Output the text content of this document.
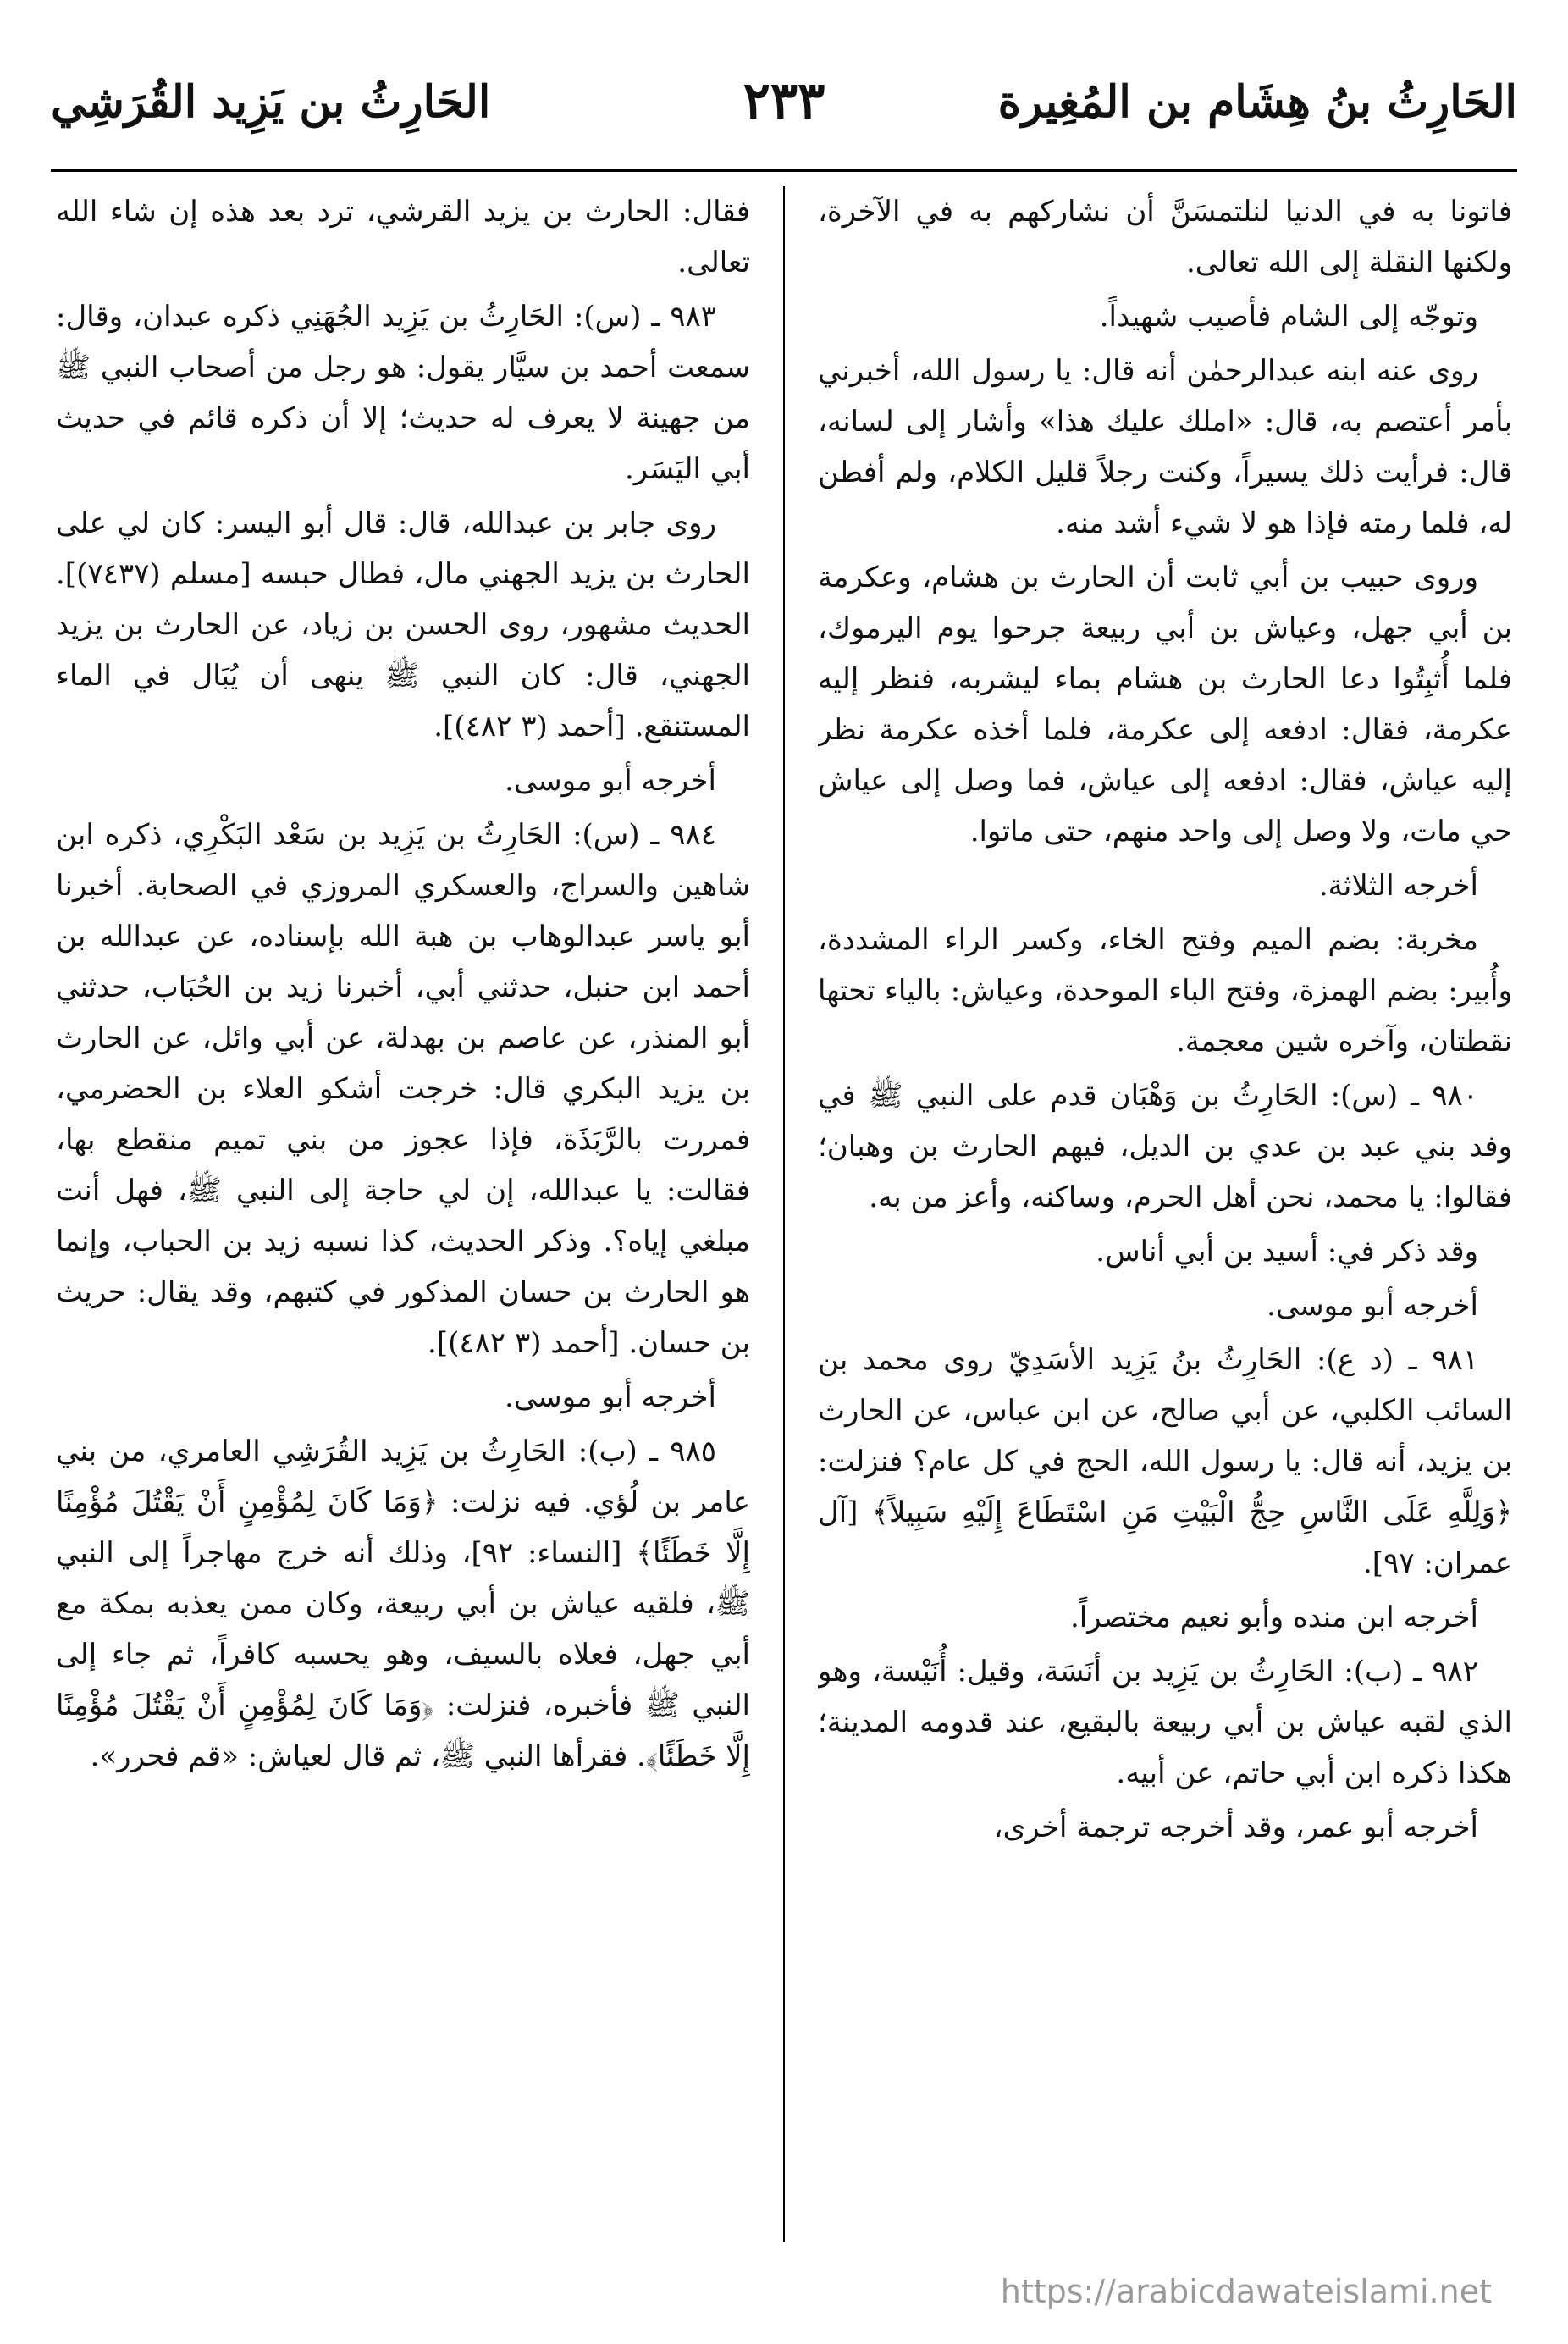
الحَارِثُ بنُ هِشَام بن المُغِيرة
٢٣٣
الحَارِثُ بن يَزِيد القُرَشِي

فاتونا به في الدنيا لنلتمسَنَّ أن نشاركهم به في الآخرة، ولكنها النقلة إلى الله تعالى.

وتوجّه إلى الشام فأصيب شهيداً.

روى عنه ابنه عبدالرحمٰن أنه قال: يا رسول الله، أخبرني بأمر أعتصم به، قال: «املك عليك هذا» وأشار إلى لسانه، قال: فرأيت ذلك يسيراً، وكنت رجلاً قليل الكلام، ولم أفطن له، فلما رمته فإذا هو لا شيء أشد منه.

وروى حبيب بن أبي ثابت أن الحارث بن هشام، وعكرمة بن أبي جهل، وعياش بن أبي ربيعة جرحوا يوم اليرموك، فلما أُثبِتُوا دعا الحارث بن هشام بماء ليشربه، فنظر إليه عكرمة، فقال: ادفعه إلى عكرمة، فلما أخذه عكرمة نظر إليه عياش، فقال: ادفعه إلى عياش، فما وصل إلى عياش حي مات، ولا وصل إلى واحد منهم، حتى ماتوا.

أخرجه الثلاثة.

مخربة: بضم الميم وفتح الخاء، وكسر الراء المشددة، وأُبير: بضم الهمزة، وفتح الباء الموحدة، وعياش: بالياء تحتها نقطتان، وآخره شين معجمة.

٩٨٠ ـ (س): الحَارِثُ بن وَهْبَان قدم على النبي ﷺ في وفد بني عبد بن عدي بن الديل، فيهم الحارث بن وهبان؛ فقالوا: يا محمد، نحن أهل الحرم، وساكنه، وأعز من به.

وقد ذكر في: أسيد بن أبي أناس.

أخرجه أبو موسى.

٩٨١ ـ (د ع): الحَارِثُ بنُ يَزِيد الأسَدِيّ روى محمد بن السائب الكلبي، عن أبي صالح، عن ابن عباس، عن الحارث بن يزيد، أنه قال: يا رسول الله، الحج في كل عام؟ فنزلت: ﴿وَلِلَّهِ عَلَى النَّاسِ حِجُّ الْبَيْتِ مَنِ اسْتَطَاعَ إِلَيْهِ سَبِيلاً﴾ [آل عمران: ٩٧].

أخرجه ابن منده وأبو نعيم مختصراً.

٩٨٢ ـ (ب): الحَارِثُ بن يَزِيد بن أنَسَة، وقيل: أُنَيْسة، وهو الذي لقبه عياش بن أبي ربيعة بالبقيع، عند قدومه المدينة؛ هكذا ذكره ابن أبي حاتم، عن أبيه.

أخرجه أبو عمر، وقد أخرجه ترجمة أخرى،

فقال: الحارث بن يزيد القرشي، ترد بعد هذه إن شاء الله تعالى.

٩٨٣ ـ (س): الحَارِثُ بن يَزِيد الجُهَنِي ذكره عبدان، وقال: سمعت أحمد بن سيَّار يقول: هو رجل من أصحاب النبي ﷺ من جهينة لا يعرف له حديث؛ إلا أن ذكره قائم في حديث أبي اليَسَر.

روى جابر بن عبدالله، قال: قال أبو اليسر: كان لي على الحارث بن يزيد الجهني مال، فطال حبسه [مسلم (٧٤٣٧)]. الحديث مشهور، روى الحسن بن زياد، عن الحارث بن يزيد الجهني، قال: كان النبي ﷺ ينهى أن يُبَال في الماء المستنقع. [أحمد (٣ ٤٨٢)].

أخرجه أبو موسى.

٩٨٤ ـ (س): الحَارِثُ بن يَزِيد بن سَعْد البَكْرِي، ذكره ابن شاهين والسراج، والعسكري المروزي في الصحابة. أخبرنا أبو ياسر عبدالوهاب بن هبة الله بإسناده، عن عبدالله بن أحمد ابن حنبل، حدثني أبي، أخبرنا زيد بن الحُبَاب، حدثني أبو المنذر، عن عاصم بن بهدلة، عن أبي وائل، عن الحارث بن يزيد البكري قال: خرجت أشكو العلاء بن الحضرمي، فمررت بالرَّبَذَة، فإذا عجوز من بني تميم منقطع بها، فقالت: يا عبدالله، إن لي حاجة إلى النبي ﷺ، فهل أنت مبلغي إياه؟. وذكر الحديث، كذا نسبه زيد بن الحباب، وإنما هو الحارث بن حسان المذكور في كتبهم، وقد يقال: حريث بن حسان. [أحمد (٣ ٤٨٢)].

أخرجه أبو موسى.

٩٨٥ ـ (ب): الحَارِثُ بن يَزِيد القُرَشِي العامري، من بني عامر بن لُؤي. فيه نزلت: ﴿وَمَا كَانَ لِمُؤْمِنٍ أَنْ يَقْتُلَ مُؤْمِنًا إِلَّا خَطَئًا﴾ [النساء: ٩٢]، وذلك أنه خرج مهاجراً إلى النبي ﷺ، فلقيه عياش بن أبي ربيعة، وكان ممن يعذبه بمكة مع أبي جهل، فعلاه بالسيف، وهو يحسبه كافراً، ثم جاء إلى النبي ﷺ فأخبره، فنزلت: ﴿وَمَا كَانَ لِمُؤْمِنٍ أَنْ يَقْتُلَ مُؤْمِنًا إِلَّا خَطَئًا﴾. فقرأها النبي ﷺ، ثم قال لعياش: «قم فحرر».

https://arabicdawateislami.net
